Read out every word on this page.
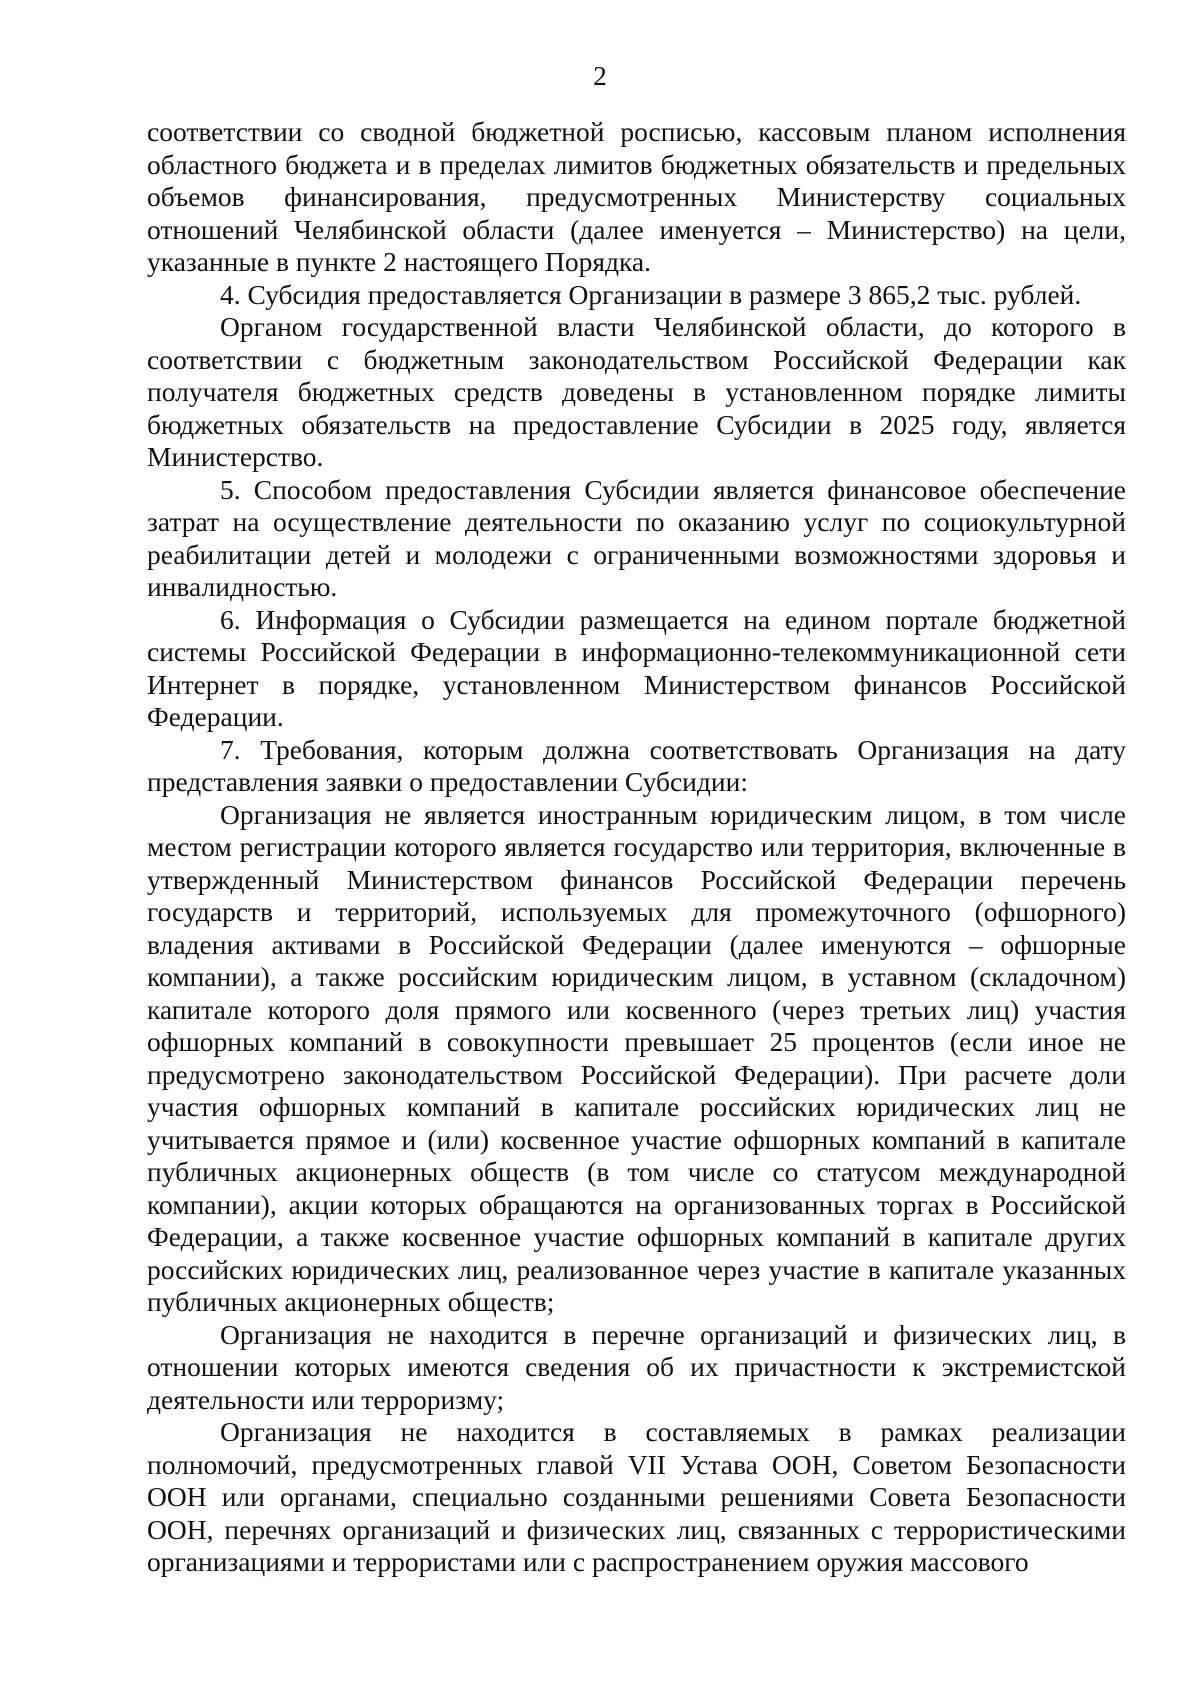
2

соответствии со сводной бюджетной росписью, кассовым планом исполнения областного бюджета и в пределах лимитов бюджетных обязательств и предельных объемов финансирования, предусмотренных Министерству социальных отношений Челябинской области (далее именуется – Министерство) на цели, указанные в пункте 2 настоящего Порядка.

4. Субсидия предоставляется Организации в размере 3 865,2 тыс. рублей.

Органом государственной власти Челябинской области, до которого в соответствии с бюджетным законодательством Российской Федерации как получателя бюджетных средств доведены в установленном порядке лимиты бюджетных обязательств на предоставление Субсидии в 2025 году, является Министерство.

5. Способом предоставления Субсидии является финансовое обеспечение затрат на осуществление деятельности по оказанию услуг по социокультурной реабилитации детей и молодежи с ограниченными возможностями здоровья и инвалидностью.

6. Информация о Субсидии размещается на едином портале бюджетной системы Российской Федерации в информационно-телекоммуникационной сети Интернет в порядке, установленном Министерством финансов Российской Федерации.

7. Требования, которым должна соответствовать Организация на дату представления заявки о предоставлении Субсидии:

Организация не является иностранным юридическим лицом, в том числе местом регистрации которого является государство или территория, включенные в утвержденный Министерством финансов Российской Федерации перечень государств и территорий, используемых для промежуточного (офшорного) владения активами в Российской Федерации (далее именуются – офшорные компании), а также российским юридическим лицом, в уставном (складочном) капитале которого доля прямого или косвенного (через третьих лиц) участия офшорных компаний в совокупности превышает 25 процентов (если иное не предусмотрено законодательством Российской Федерации). При расчете доли участия офшорных компаний в капитале российских юридических лиц не учитывается прямое и (или) косвенное участие офшорных компаний в капитале публичных акционерных обществ (в том числе со статусом международной компании), акции которых обращаются на организованных торгах в Российской Федерации, а также косвенное участие офшорных компаний в капитале других российских юридических лиц, реализованное через участие в капитале указанных публичных акционерных обществ;

Организация не находится в перечне организаций и физических лиц, в отношении которых имеются сведения об их причастности к экстремистской деятельности или терроризму;

Организация не находится в составляемых в рамках реализации полномочий, предусмотренных главой VII Устава ООН, Советом Безопасности ООН или органами, специально созданными решениями Совета Безопасности ООН, перечнях организаций и физических лиц, связанных с террористическими организациями и террористами или с распространением оружия массового
